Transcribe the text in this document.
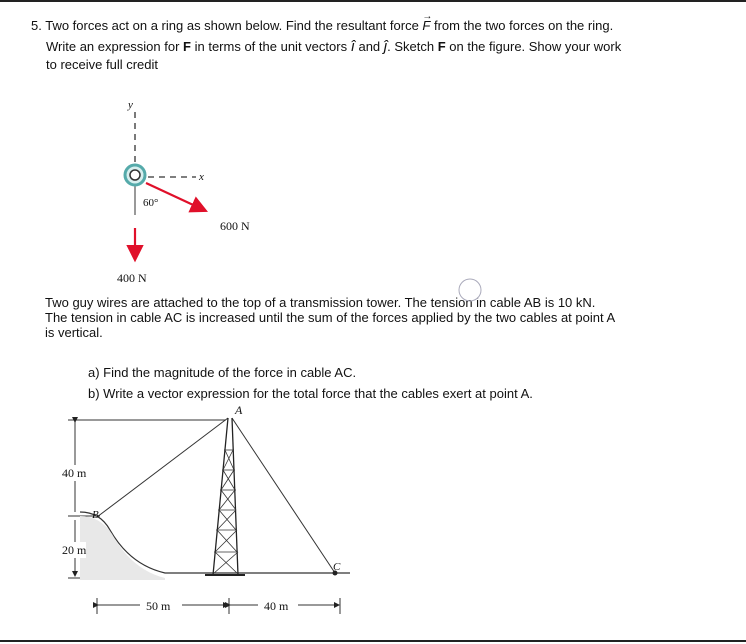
5. Two forces act on a ring as shown below. Find the resultant force F
→
from the two forces on the ring.
Write an expression for F in terms of the unit vectors î and ĵ. Sketch F on the figure. Show your work
to receive full credit
y
x
60°
600 N
400 N
Two guy wires are attached to the top of a transmission tower. The tension in cable AB is 10 kN.
The tension in cable AC is increased until the sum of the forces applied by the two cables at point A
is vertical.
a) Find the magnitude of the force in cable AC.
b) Write a vector expression for the total force that the cables exert at point A.
A
B
C
40 m
20 m
50 m	40 m
